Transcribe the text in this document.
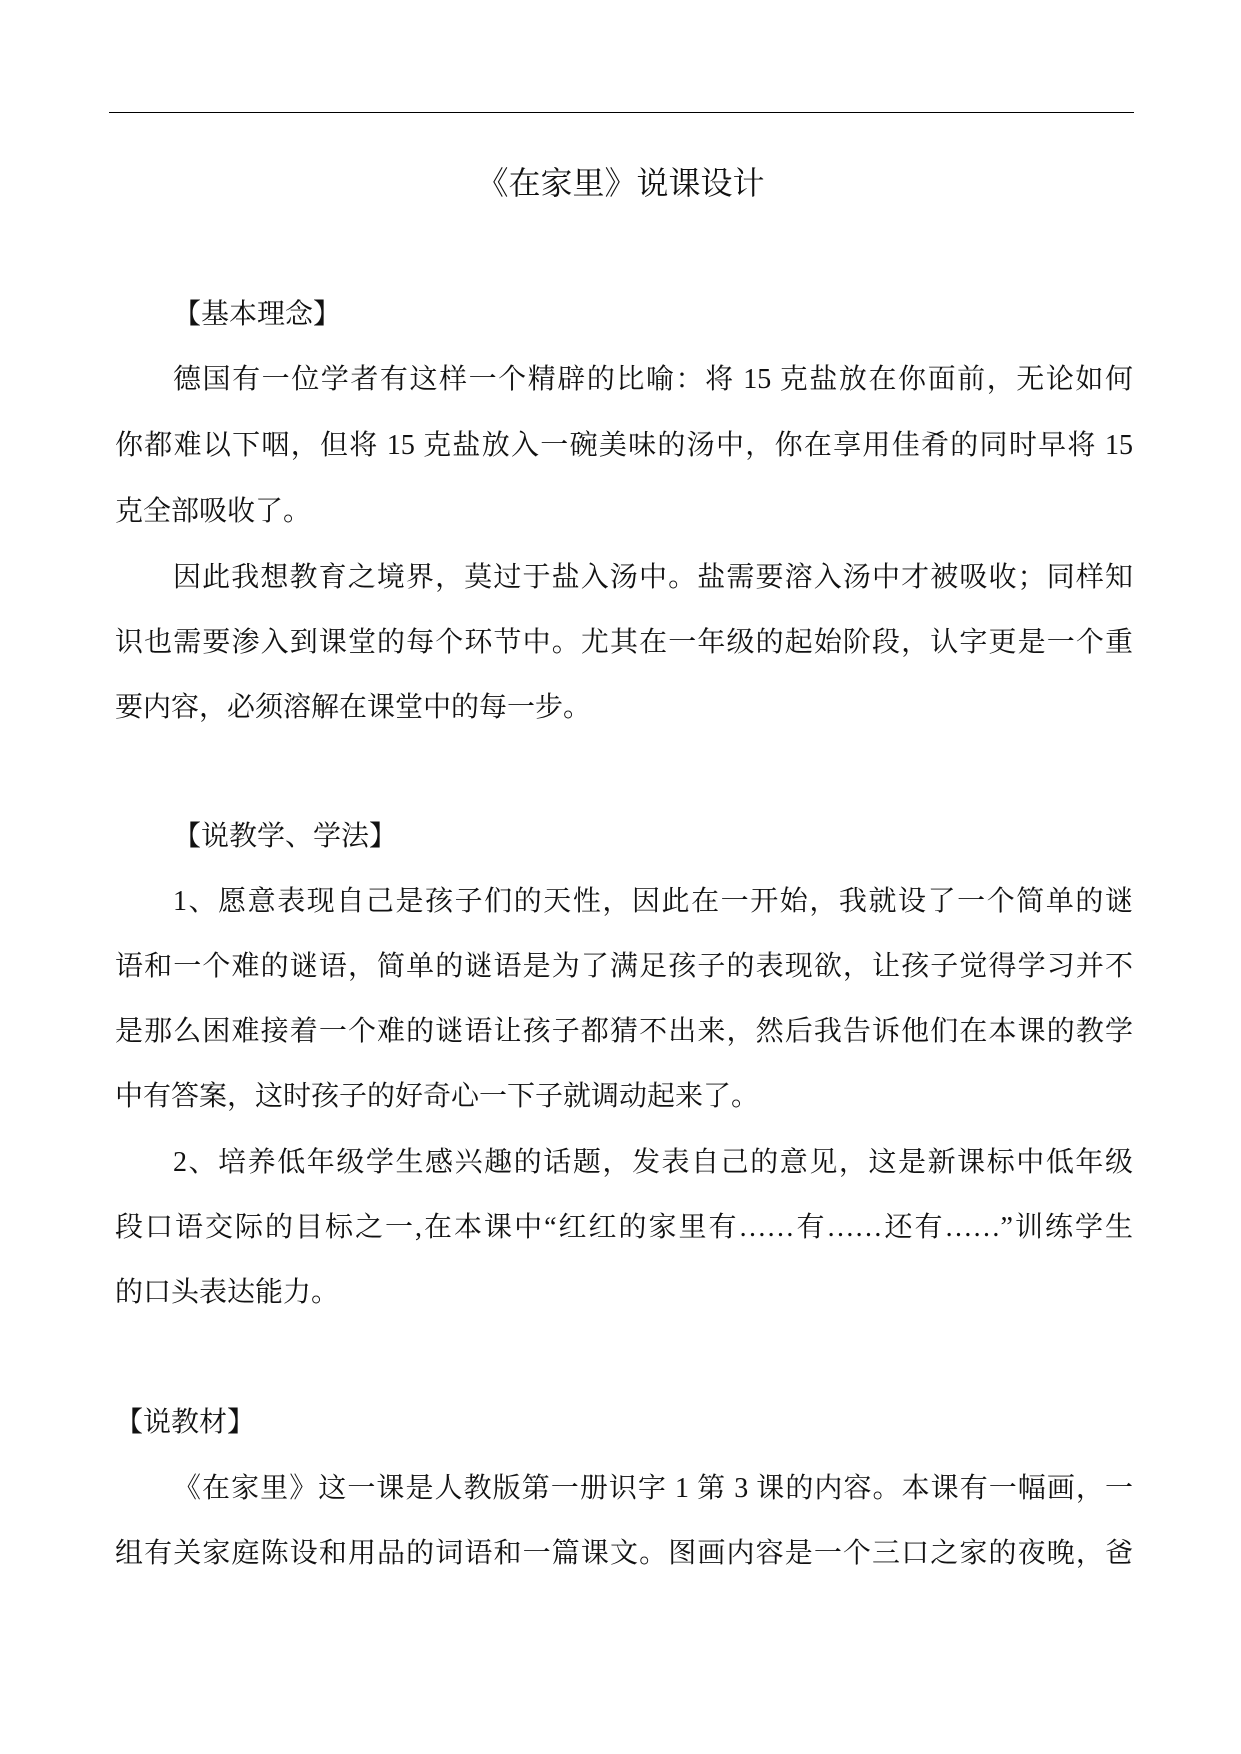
《在家里》说课设计
【基本理念】
德国有一位学者有这样一个精辟的比喻：将 15 克盐放在你面前，无论如何
你都难以下咽，但将 15 克盐放入一碗美味的汤中，你在享用佳肴的同时早将 15
克全部吸收了。
因此我想教育之境界，莫过于盐入汤中。盐需要溶入汤中才被吸收；同样知
识也需要渗入到课堂的每个环节中。尤其在一年级的起始阶段，认字更是一个重
要内容，必须溶解在课堂中的每一步。
【说教学、学法】
1、愿意表现自己是孩子们的天性，因此在一开始，我就设了一个简单的谜
语和一个难的谜语，简单的谜语是为了满足孩子的表现欲，让孩子觉得学习并不
是那么困难接着一个难的谜语让孩子都猜不出来，然后我告诉他们在本课的教学
中有答案，这时孩子的好奇心一下子就调动起来了。
2、培养低年级学生感兴趣的话题，发表自己的意见，这是新课标中低年级
段口语交际的目标之一,在本课中“红红的家里有……有……还有……”训练学生
的口头表达能力。
【说教材】
《在家里》这一课是人教版第一册识字 1 第 3 课的内容。本课有一幅画，一
组有关家庭陈设和用品的词语和一篇课文。图画内容是一个三口之家的夜晚，爸
